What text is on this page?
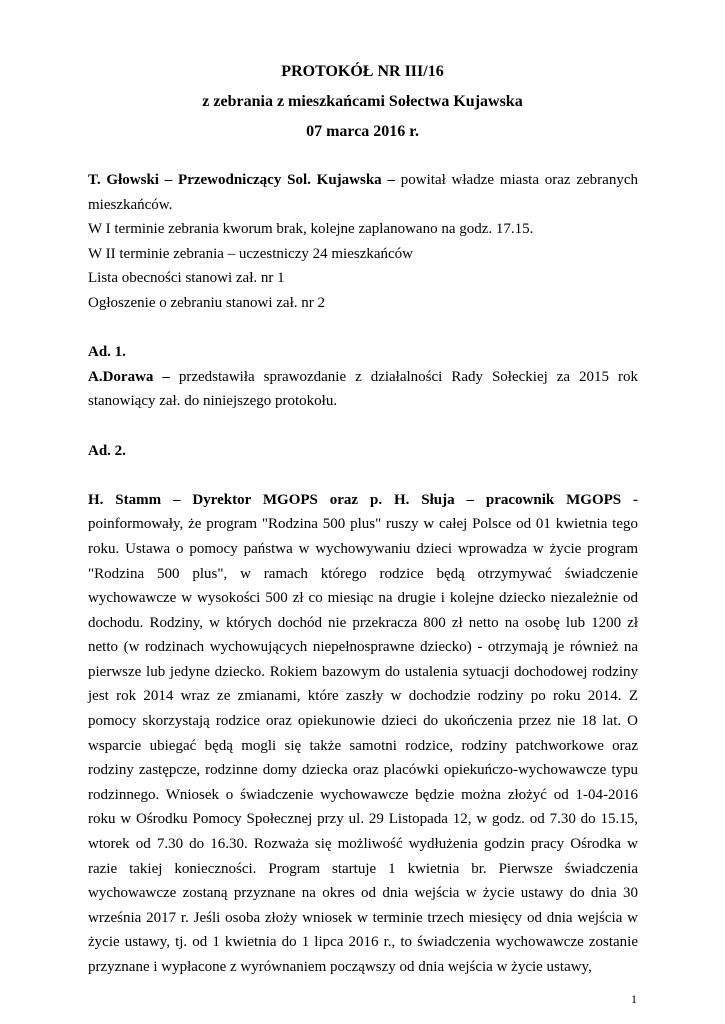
PROTOKÓŁ NR III/16
z zebrania z mieszkańcami Sołectwa Kujawska
07 marca 2016 r.

T. Głowski – Przewodniczący Sol. Kujawska – powitał władze miasta oraz zebranych mieszkańców.

W I terminie zebrania kworum brak, kolejne zaplanowano na godz. 17.15.

W II terminie zebrania – uczestniczy 24 mieszkańców

Lista obecności stanowi zał. nr 1

Ogłoszenie o zebraniu stanowi zał. nr 2

Ad. 1.

A.Dorawa – przedstawiła sprawozdanie z działalności Rady Sołeckiej za 2015 rok stanowiący zał. do niniejszego protokołu.

Ad. 2.

H. Stamm – Dyrektor MGOPS oraz p. H. Słuja – pracownik MGOPS - poinformowały, że program "Rodzina 500 plus" ruszy w całej Polsce od 01 kwietnia tego roku. Ustawa o pomocy państwa w wychowywaniu dzieci wprowadza w życie program "Rodzina 500 plus", w ramach którego rodzice będą otrzymywać świadczenie wychowawcze w wysokości 500 zł co miesiąc na drugie i kolejne dziecko niezależnie od dochodu. Rodziny, w których dochód nie przekracza 800 zł netto na osobę lub 1200 zł netto (w rodzinach wychowujących niepełnosprawne dziecko) - otrzymają je również na pierwsze lub jedyne dziecko. Rokiem bazowym do ustalenia sytuacji dochodowej rodziny jest rok 2014 wraz ze zmianami, które zaszły w dochodzie rodziny po roku 2014. Z pomocy skorzystają rodzice oraz opiekunowie dzieci do ukończenia przez nie 18 lat. O wsparcie ubiegać będą mogli się także samotni rodzice, rodziny patchworkowe oraz rodziny zastępcze, rodzinne domy dziecka oraz placówki opiekuńczo-wychowawcze typu rodzinnego. Wniosek o świadczenie wychowawcze będzie można złożyć od 1-04-2016 roku w Ośrodku Pomocy Społecznej przy ul. 29 Listopada 12, w godz. od 7.30 do 15.15, wtorek od 7.30 do 16.30. Rozważa się możliwość wydłużenia godzin pracy Ośrodka w razie takiej konieczności. Program startuje 1 kwietnia br. Pierwsze świadczenia wychowawcze zostaną przyznane na okres od dnia wejścia w życie ustawy do dnia 30 września 2017 r. Jeśli osoba złoży wniosek w terminie trzech miesięcy od dnia wejścia w życie ustawy, tj. od 1 kwietnia do 1 lipca 2016 r., to świadczenia wychowawcze zostanie przyznane i wypłacone z wyrównaniem począwszy od dnia wejścia w życie ustawy,

1
